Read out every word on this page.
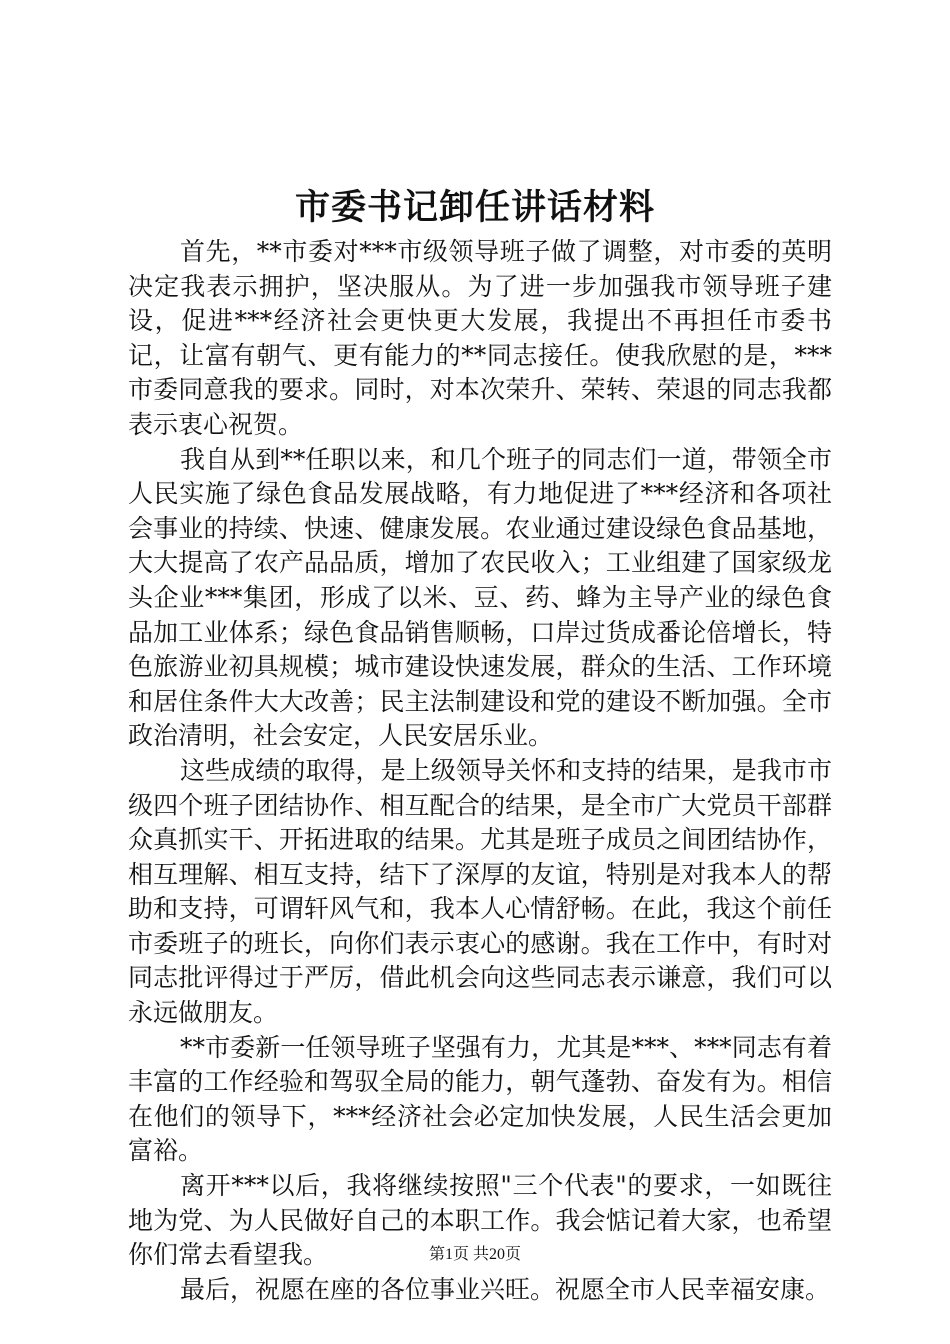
市委书记卸任讲话材料

首先，**市委对***市级领导班子做了调整，对市委的英明决定我表示拥护，坚决服从。为了进一步加强我市领导班子建设，促进***经济社会更快更大发展，我提出不再担任市委书记，让富有朝气、更有能力的**同志接任。使我欣慰的是，***市委同意我的要求。同时，对本次荣升、荣转、荣退的同志我都表示衷心祝贺。

我自从到**任职以来，和几个班子的同志们一道，带领全市人民实施了绿色食品发展战略，有力地促进了***经济和各项社会事业的持续、快速、健康发展。农业通过建设绿色食品基地，大大提高了农产品品质，增加了农民收入；工业组建了国家级龙头企业***集团，形成了以米、豆、药、蜂为主导产业的绿色食品加工业体系；绿色食品销售顺畅，口岸过货成番论倍增长，特色旅游业初具规模；城市建设快速发展，群众的生活、工作环境和居住条件大大改善；民主法制建设和党的建设不断加强。全市政治清明，社会安定，人民安居乐业。

这些成绩的取得，是上级领导关怀和支持的结果，是我市市级四个班子团结协作、相互配合的结果，是全市广大党员干部群众真抓实干、开拓进取的结果。尤其是班子成员之间团结协作，相互理解、相互支持，结下了深厚的友谊，特别是对我本人的帮助和支持，可谓轩风气和，我本人心情舒畅。在此，我这个前任市委班子的班长，向你们表示衷心的感谢。我在工作中，有时对同志批评得过于严厉，借此机会向这些同志表示谦意，我们可以永远做朋友。

**市委新一任领导班子坚强有力，尤其是***、***同志有着丰富的工作经验和驾驭全局的能力，朝气蓬勃、奋发有为。相信在他们的领导下，***经济社会必定加快发展，人民生活会更加富裕。

离开***以后，我将继续按照"三个代表"的要求，一如既往地为党、为人民做好自己的本职工作。我会惦记着大家，也希望你们常去看望我。

最后，祝愿在座的各位事业兴旺。祝愿全市人民幸福安康。

第1页 共20页
